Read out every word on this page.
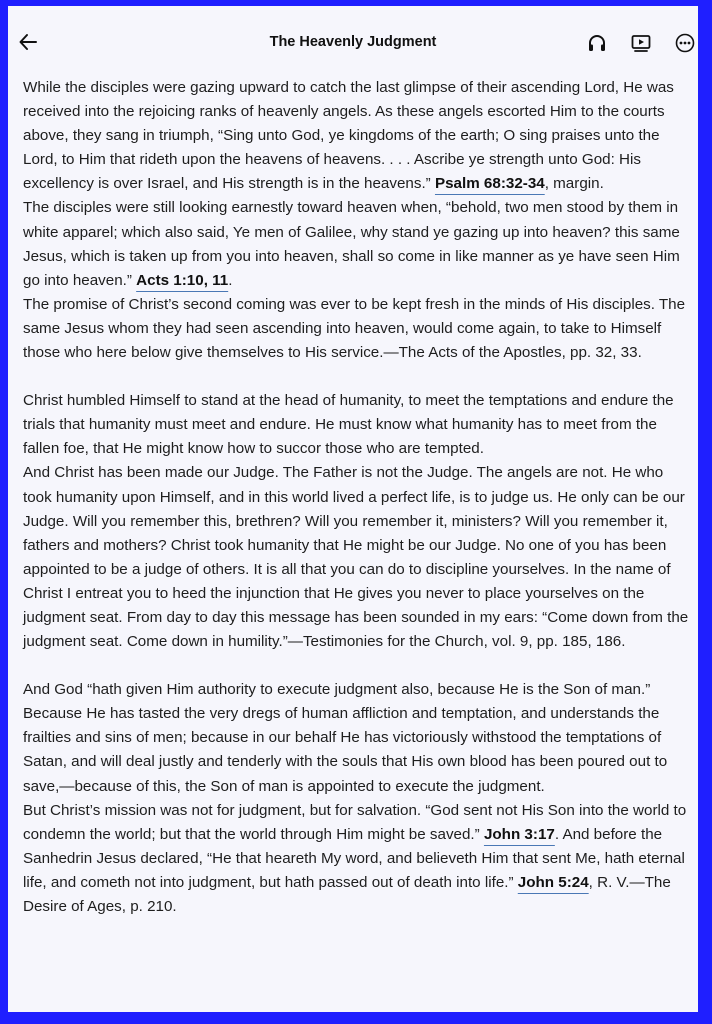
The Heavenly Judgment

While the disciples were gazing upward to catch the last glimpse of their ascending Lord, He was received into the rejoicing ranks of heavenly angels. As these angels escorted Him to the courts above, they sang in triumph, “Sing unto God, ye kingdoms of the earth; O sing praises unto the Lord, to Him that rideth upon the heavens of heavens. . . . Ascribe ye strength unto God: His excellency is over Israel, and His strength is in the heavens.” Psalm 68:32-34, margin.

The disciples were still looking earnestly toward heaven when, “behold, two men stood by them in white apparel; which also said, Ye men of Galilee, why stand ye gazing up into heaven? this same Jesus, which is taken up from you into heaven, shall so come in like manner as ye have seen Him go into heaven.” Acts 1:10, 11.

The promise of Christ’s second coming was ever to be kept fresh in the minds of His disciples. The same Jesus whom they had seen ascending into heaven, would come again, to take to Himself those who here below give themselves to His service.—The Acts of the Apostles, pp. 32, 33.

Christ humbled Himself to stand at the head of humanity, to meet the temptations and endure the trials that humanity must meet and endure. He must know what humanity has to meet from the fallen foe, that He might know how to succor those who are tempted.

And Christ has been made our Judge. The Father is not the Judge. The angels are not. He who took humanity upon Himself, and in this world lived a perfect life, is to judge us. He only can be our Judge. Will you remember this, brethren? Will you remember it, ministers? Will you remember it, fathers and mothers? Christ took humanity that He might be our Judge. No one of you has been appointed to be a judge of others. It is all that you can do to discipline yourselves. In the name of Christ I entreat you to heed the injunction that He gives you never to place yourselves on the judgment seat. From day to day this message has been sounded in my ears: “Come down from the judgment seat. Come down in humility.”—Testimonies for the Church, vol. 9, pp. 185, 186.

And God “hath given Him authority to execute judgment also, because He is the Son of man.” Because He has tasted the very dregs of human affliction and temptation, and understands the frailties and sins of men; because in our behalf He has victoriously withstood the temptations of Satan, and will deal justly and tenderly with the souls that His own blood has been poured out to save,—because of this, the Son of man is appointed to execute the judgment.

But Christ’s mission was not for judgment, but for salvation. “God sent not His Son into the world to condemn the world; but that the world through Him might be saved.” John 3:17. And before the Sanhedrin Jesus declared, “He that heareth My word, and believeth Him that sent Me, hath eternal life, and cometh not into judgment, but hath passed out of death into life.” John 5:24, R. V.—The Desire of Ages, p. 210.
